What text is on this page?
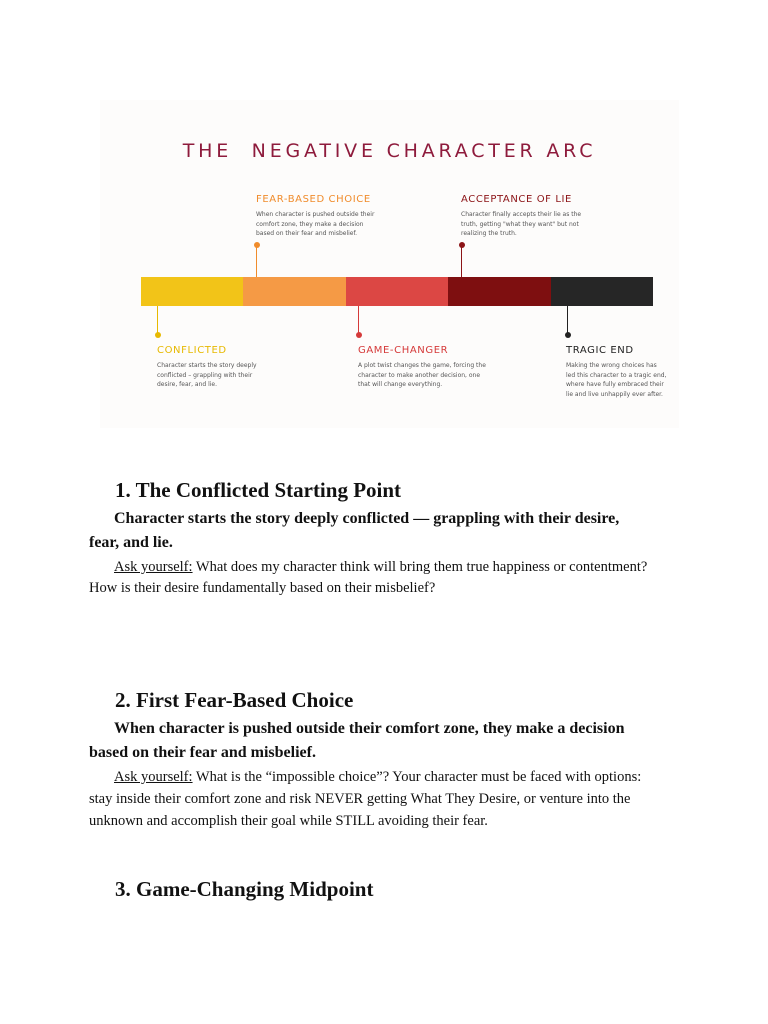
THE  NEGATIVE CHARACTER ARC
CONFLICTED
Character starts the story deeply
conflicted – grappling with their
desire, fear, and lie.
FEAR-BASED CHOICE
When character is pushed outside their
comfort zone, they make a decision
based on their fear and misbelief.
GAME-CHANGER
A plot twist changes the game, forcing the
character to make another decision, one
that will change everything.
ACCEPTANCE OF LIE
Character finally accepts their lie as the
truth, getting "what they want" but not
realizing the truth.
TRAGIC END
Making the wrong choices has
led this character to a tragic end,
where have fully embraced their
lie and live unhappily ever after.
1. The Conflicted Starting Point
Character starts the story deeply conflicted — grappling with their desire,
fear, and lie.
Ask yourself: What does my character think will bring them true happiness or contentment?
How is their desire fundamentally based on their misbelief?
2. First Fear-Based Choice
When character is pushed outside their comfort zone, they make a decision
based on their fear and misbelief.
Ask yourself: What is the “impossible choice”? Your character must be faced with options:
stay inside their comfort zone and risk NEVER getting What They Desire, or venture into the
unknown and accomplish their goal while STILL avoiding their fear.
3. Game-Changing Midpoint
